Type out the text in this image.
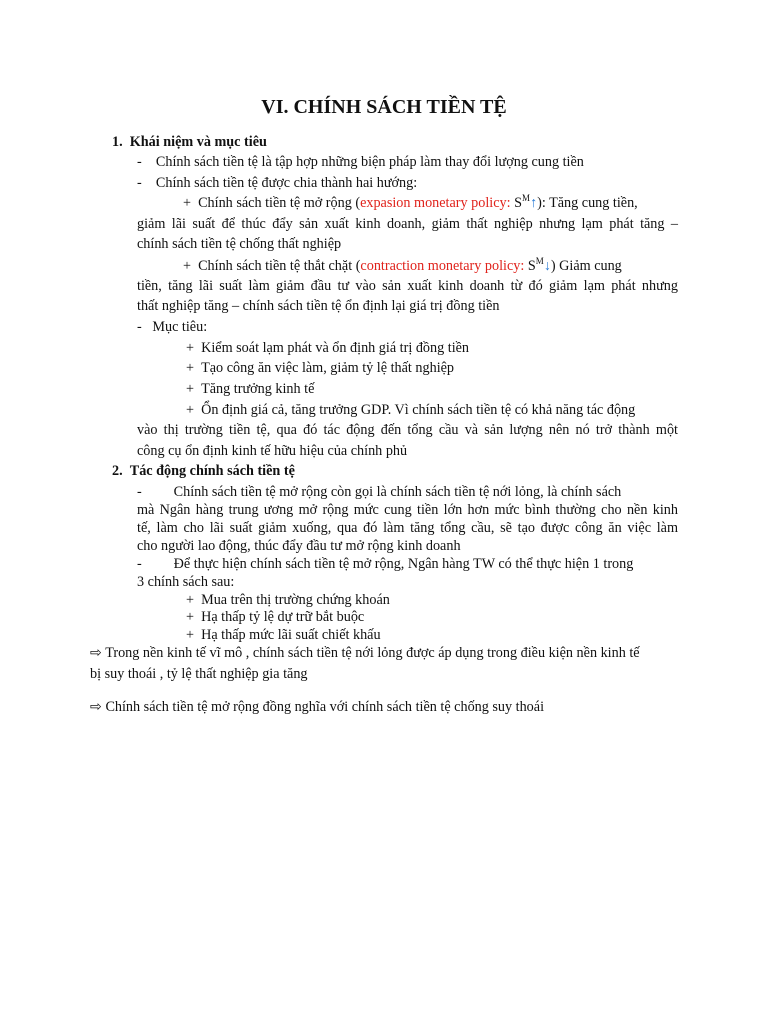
VI. CHÍNH SÁCH TIỀN TỆ
1.  Khái niệm và mục tiêu
-    Chính sách tiền tệ là tập hợp những biện pháp làm thay đổi lượng cung tiền
-    Chính sách tiền tệ được chia thành hai hướng:
+  Chính sách tiền tệ mở rộng (expasion monetary policy: $S^M↑$): Tăng cung tiền,
giảm lãi suất để thúc đẩy sản xuất kinh doanh, giảm thất nghiệp nhưng lạm phát tăng –
chính sách tiền tệ chống thất nghiệp
+  Chính sách tiền tệ thắt chặt (contraction monetary policy: $S^M↓$) Giảm cung
tiền, tăng lãi suất làm giảm đầu tư vào sản xuất kinh doanh từ đó giảm lạm phát nhưng
thất nghiệp tăng – chính sách tiền tệ ổn định lại giá trị đồng tiền
-   Mục tiêu:
+  Kiểm soát lạm phát và ổn định giá trị đồng tiền
+  Tạo công ăn việc làm, giảm tỷ lệ thất nghiệp
+  Tăng trưởng kinh tế
+  Ổn định giá cả, tăng trưởng GDP. Vì chính sách tiền tệ có khả năng tác động
vào thị trường tiền tệ, qua đó tác động đến tổng cầu và sản lượng nên nó trở thành một
công cụ ổn định kinh tế hữu hiệu của chính phủ
2.  Tác động chính sách tiền tệ
-         Chính sách tiền tệ mở rộng còn gọi là chính sách tiền tệ nới lỏng, là chính sách
mà Ngân hàng trung ương mở rộng mức cung tiền lớn hơn mức bình thường cho nền kinh
tế, làm cho lãi suất giảm xuống, qua đó làm tăng tổng cầu, sẽ tạo được công ăn việc làm
cho người lao động, thúc đẩy đầu tư mở rộng kinh doanh
-         Để thực hiện chính sách tiền tệ mở rộng, Ngân hàng TW có thể thực hiện 1 trong
3 chính sách sau:
+  Mua trên thị trường chứng khoán
+  Hạ thấp tỷ lệ dự trữ bắt buộc
+  Hạ thấp mức lãi suất chiết khấu
⇨ Trong nền kinh tế vĩ mô , chính sách tiền tệ nới lỏng được áp dụng trong điều kiện nền kinh tế
bị suy thoái , tỷ lệ thất nghiệp gia tăng
⇨ Chính sách tiền tệ mở rộng đồng nghĩa với chính sách tiền tệ chống suy thoái
